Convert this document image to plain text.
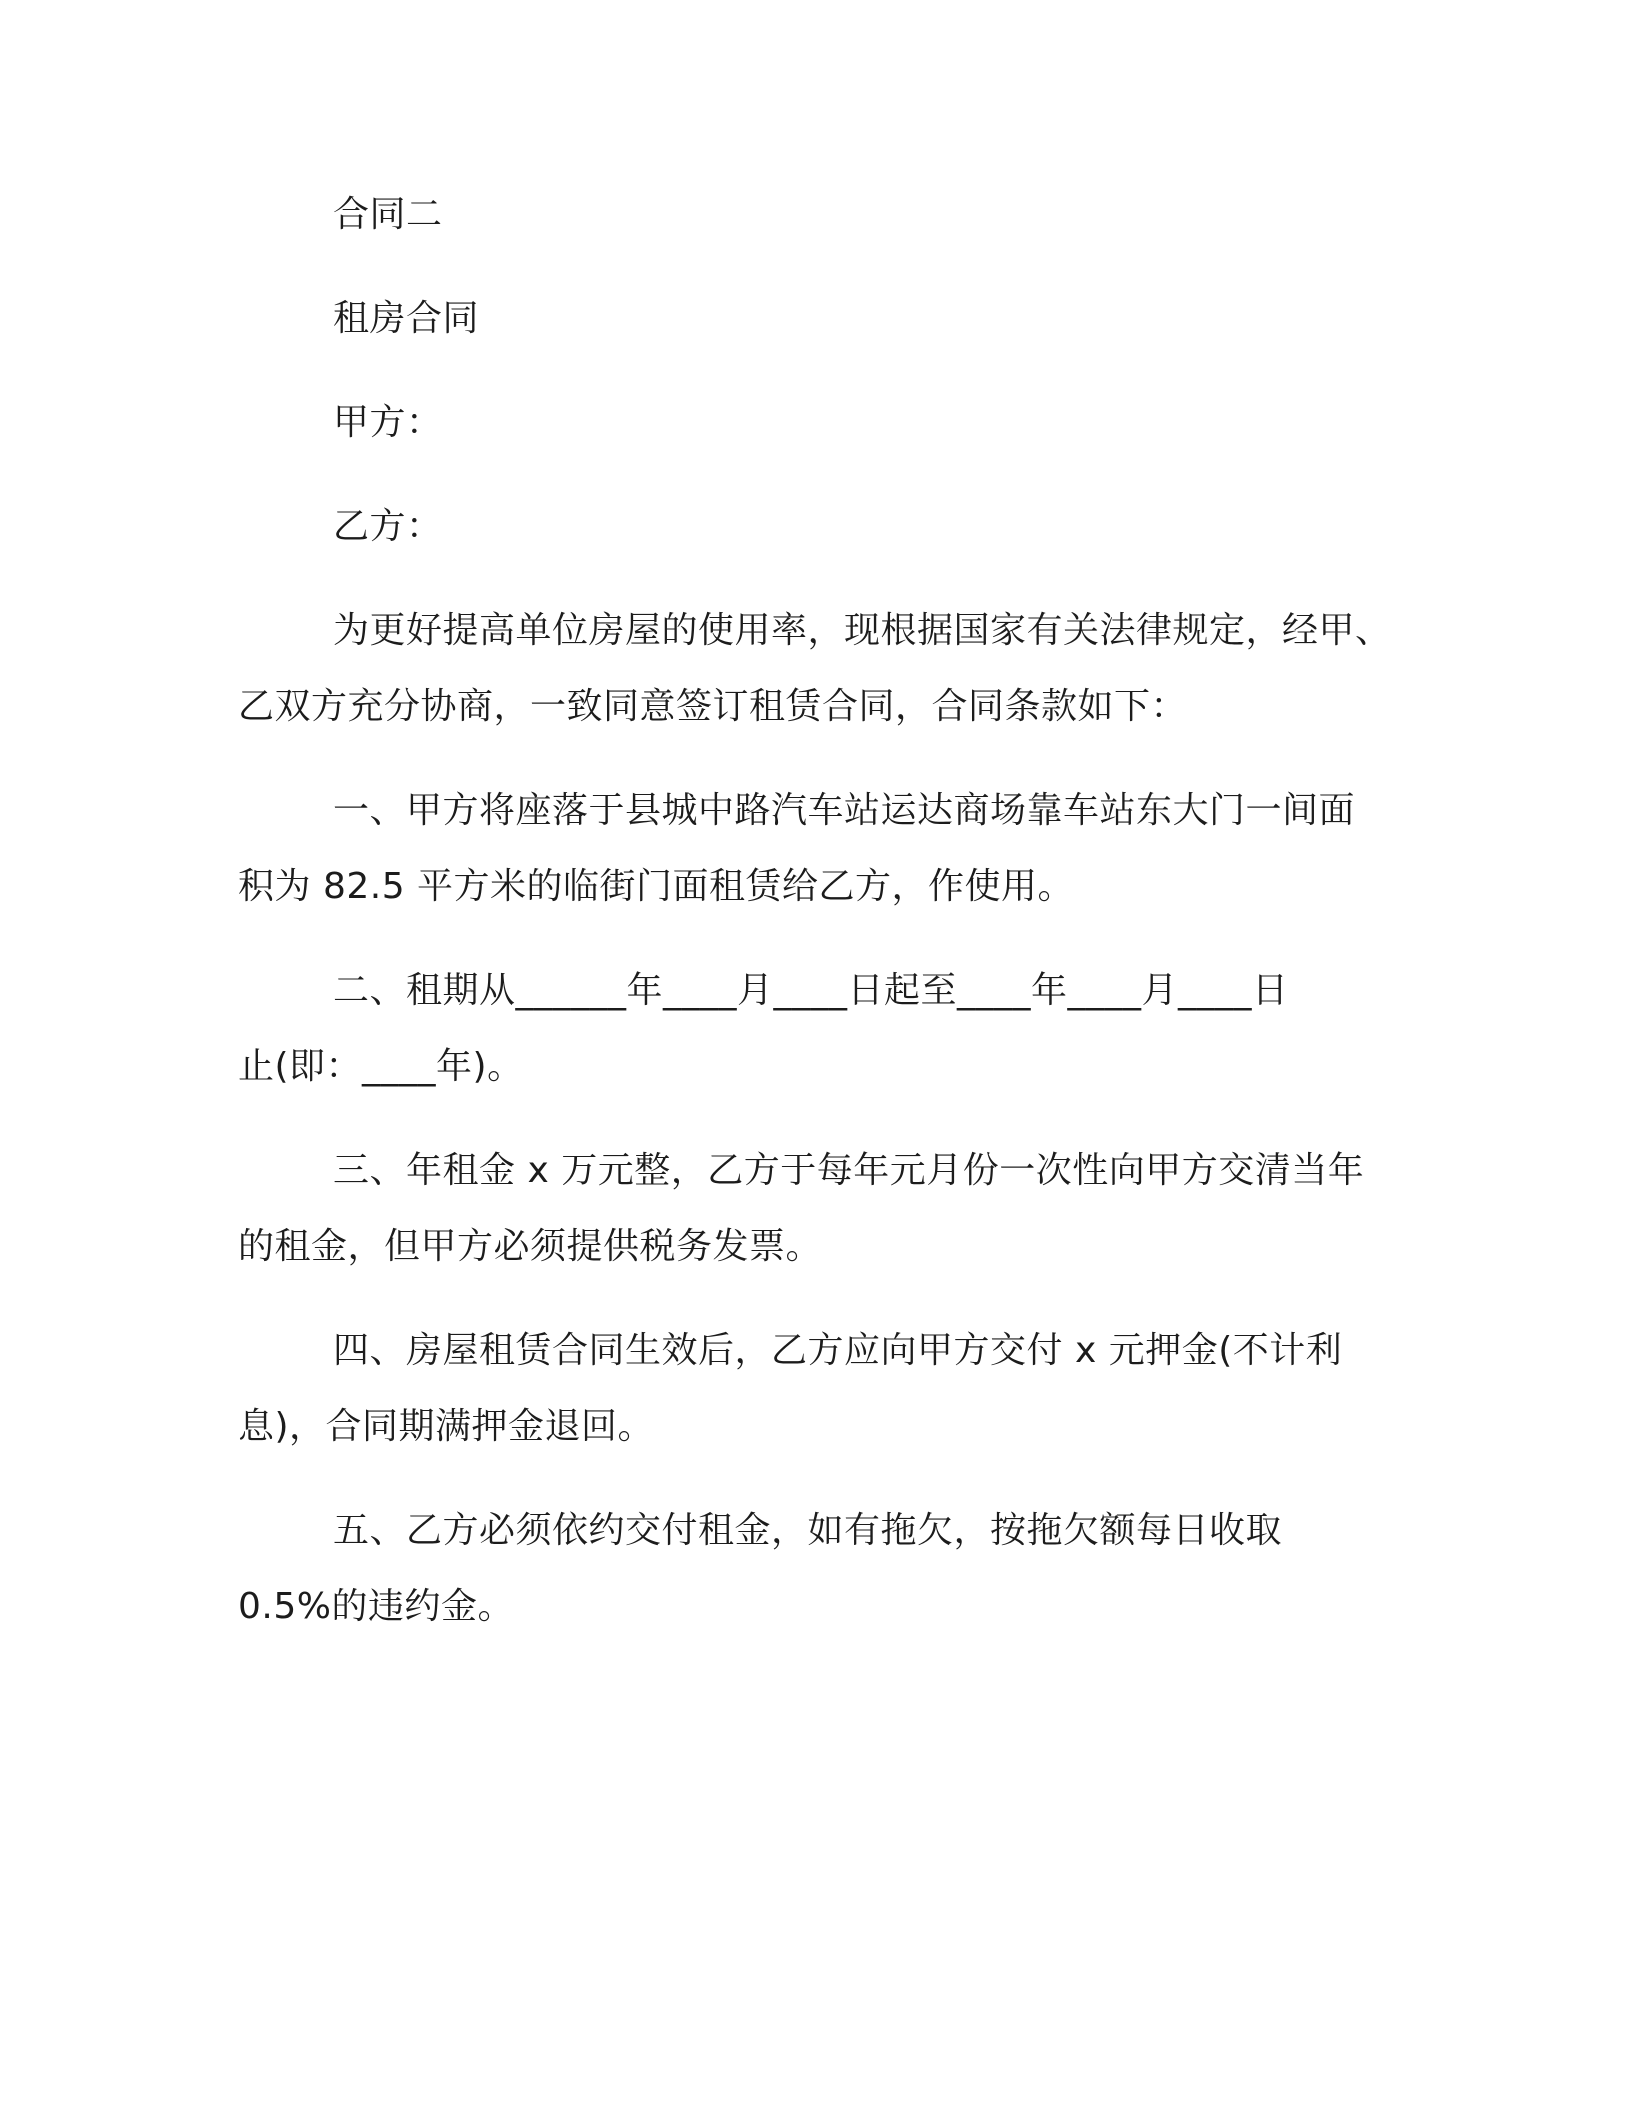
合同二
租房合同
甲方：
乙方：
为更好提高单位房屋的使用率，现根据国家有关法律规定，经甲、
乙双方充分协商，一致同意签订租赁合同，合同条款如下：
一、甲方将座落于县城中路汽车站运达商场靠车站东大门一间面
积为 82.5 平方米的临街门面租赁给乙方，作使用。
二、租期从______年____月____日起至____年____月____日
止(即：____年)。
三、年租金 x 万元整，乙方于每年元月份一次性向甲方交清当年
的租金，但甲方必须提供税务发票。
四、房屋租赁合同生效后，乙方应向甲方交付 x 元押金(不计利
息)，合同期满押金退回。
五、乙方必须依约交付租金，如有拖欠，按拖欠额每日收取
0.5%的违约金。
